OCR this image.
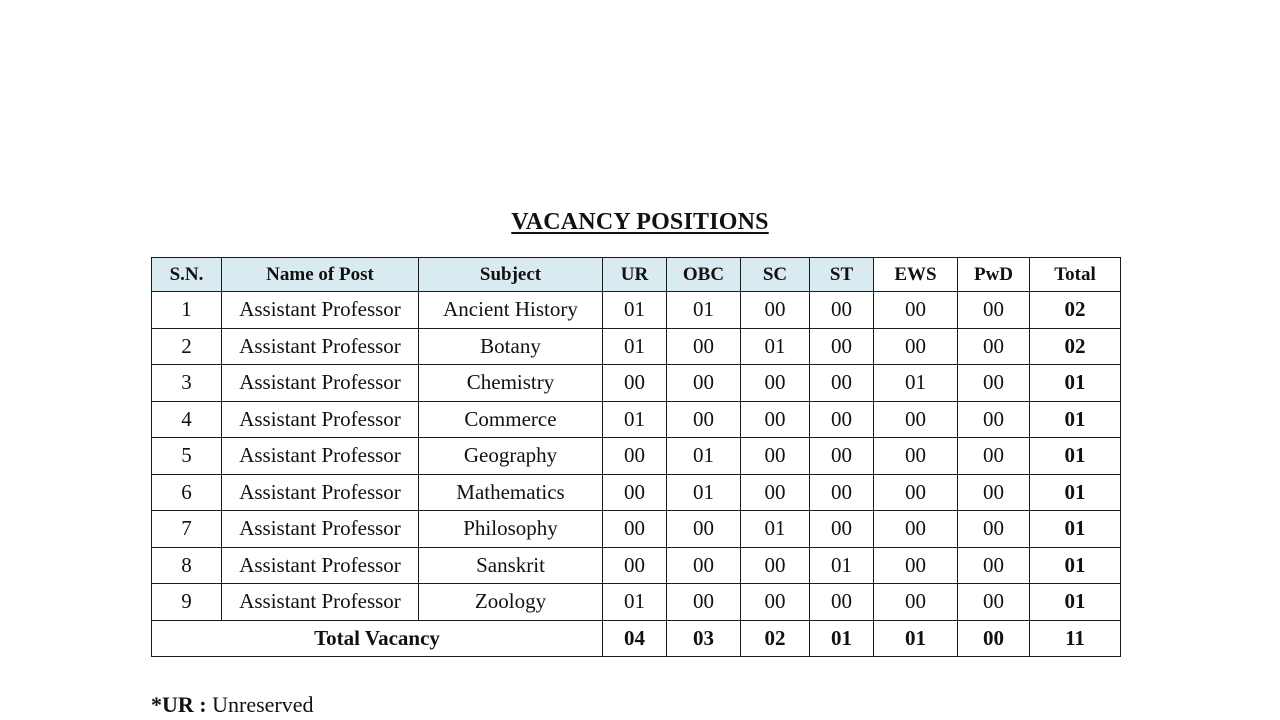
VACANCY POSITIONS
S.N.	Name of Post	Subject	UR	OBC	SC	ST	EWS	PwD	Total
1	Assistant Professor	Ancient History	01	01	00	00	00	00	02
2	Assistant Professor	Botany	01	00	01	00	00	00	02
3	Assistant Professor	Chemistry	00	00	00	00	01	00	01
4	Assistant Professor	Commerce	01	00	00	00	00	00	01
5	Assistant Professor	Geography	00	01	00	00	00	00	01
6	Assistant Professor	Mathematics	00	01	00	00	00	00	01
7	Assistant Professor	Philosophy	00	00	01	00	00	00	01
8	Assistant Professor	Sanskrit	00	00	00	01	00	00	01
9	Assistant Professor	Zoology	01	00	00	00	00	00	01
Total Vacancy			04	03	02	01	01	00	11
*UR : Unreserved
